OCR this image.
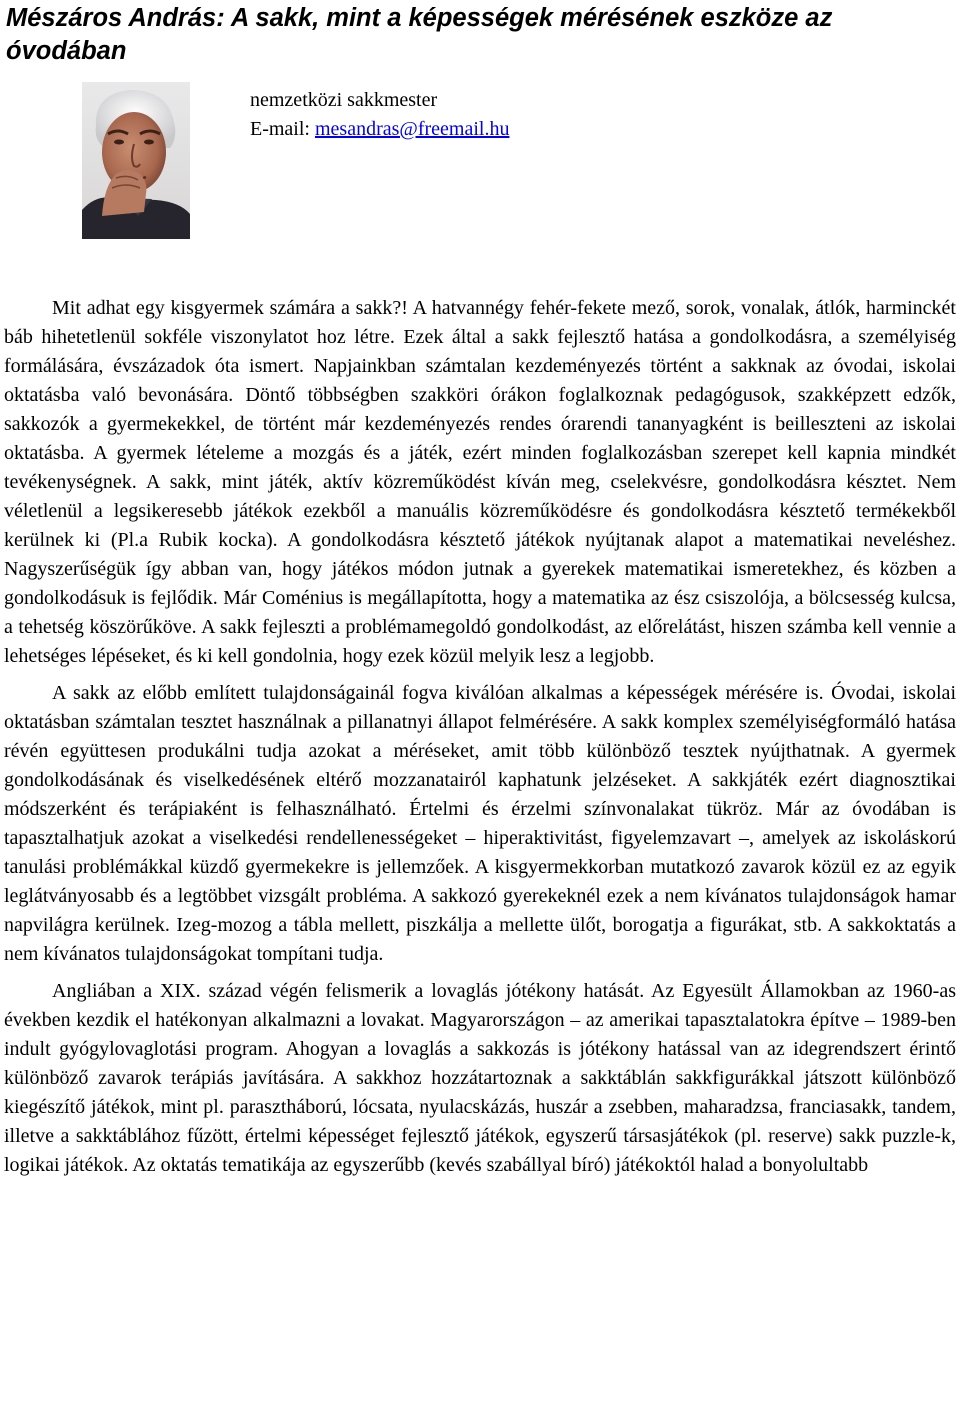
Mészáros András: A sakk, mint a képességek mérésének eszköze az óvodában
nemzetközi sakkmester
E-mail: mesandras@freemail.hu

Mit adhat egy kisgyermek számára a sakk?! A hatvannégy fehér-fekete mező, sorok, vonalak, átlók, harminckét báb hihetetlenül sokféle viszonylatot hoz létre. Ezek által a sakk fejlesztő hatása a gondolkodásra, a személyiség formálására, évszázadok óta ismert. Napjainkban számtalan kezdeményezés történt a sakknak az óvodai, iskolai oktatásba való bevonására. Döntő többségben szakköri órákon foglalkoznak pedagógusok, szakképzett edzők, sakkozók a gyermekekkel, de történt már kezdeményezés rendes órarendi tananyagként is beilleszteni az iskolai oktatásba. A gyermek lételeme a mozgás és a játék, ezért minden foglalkozásban szerepet kell kapnia mindkét tevékenységnek. A sakk, mint játék, aktív közreműködést kíván meg, cselekvésre, gondolkodásra késztet. Nem véletlenül a legsikeresebb játékok ezekből a manuális közreműködésre és gondolkodásra késztető termékekből kerülnek ki (Pl.a Rubik kocka). A gondolkodásra késztető játékok nyújtanak alapot a matematikai neveléshez. Nagyszerűségük így abban van, hogy játékos módon jutnak a gyerekek matematikai ismeretekhez, és közben a gondolkodásuk is fejlődik. Már Coménius is megállapította, hogy a matematika az ész csiszolója, a bölcsesség kulcsa, a tehetség köszörűköve. A sakk fejleszti a problémamegoldó gondolkodást, az előrelátást, hiszen számba kell vennie a lehetséges lépéseket, és ki kell gondolnia, hogy ezek közül melyik lesz a legjobb.

A sakk az előbb említett tulajdonságainál fogva kiválóan alkalmas a képességek mérésére is. Óvodai, iskolai oktatásban számtalan tesztet használnak a pillanatnyi állapot felmérésére. A sakk komplex személyiségformáló hatása révén együttesen produkálni tudja azokat a méréseket, amit több különböző tesztek nyújthatnak. A gyermek gondolkodásának és viselkedésének eltérő mozzanatairól kaphatunk jelzéseket. A sakkjáték ezért diagnosztikai módszerként és terápiaként is felhasználható. Értelmi és érzelmi színvonalakat tükröz. Már az óvodában is tapasztalhatjuk azokat a viselkedési rendellenességeket – hiperaktivitást, figyelemzavart –, amelyek az iskoláskorú tanulási problémákkal küzdő gyermekekre is jellemzőek. A kisgyermekkorban mutatkozó zavarok közül ez az egyik leglátványosabb és a legtöbbet vizsgált probléma. A sakkozó gyerekeknél ezek a nem kívánatos tulajdonságok hamar napvilágra kerülnek. Izeg-mozog a tábla mellett, piszkálja a mellette ülőt, borogatja a figurákat, stb. A sakkoktatás a nem kívánatos tulajdonságokat tompítani tudja.

Angliában a XIX. század végén felismerik a lovaglás jótékony hatását. Az Egyesült Államokban az 1960-as években kezdik el hatékonyan alkalmazni a lovakat. Magyarországon – az amerikai tapasztalatokra építve – 1989-ben indult gyógylovaglotási program. Ahogyan a lovaglás a sakkozás is jótékony hatással van az idegrendszert érintő különböző zavarok terápiás javítására. A sakkhoz hozzátartoznak a sakktáblán sakkfigurákkal játszott különböző kiegészítő játékok, mint pl. parasztháború, lócsata, nyulacskázás, huszár a zsebben, maharadzsa, franciasakk, tandem, illetve a sakktáblához fűzött, értelmi képességet fejlesztő játékok, egyszerű társasjátékok (pl. reserve) sakk puzzle-k, logikai játékok. Az oktatás tematikája az egyszerűbb (kevés szabállyal bíró) játékoktól halad a bonyolultabb
